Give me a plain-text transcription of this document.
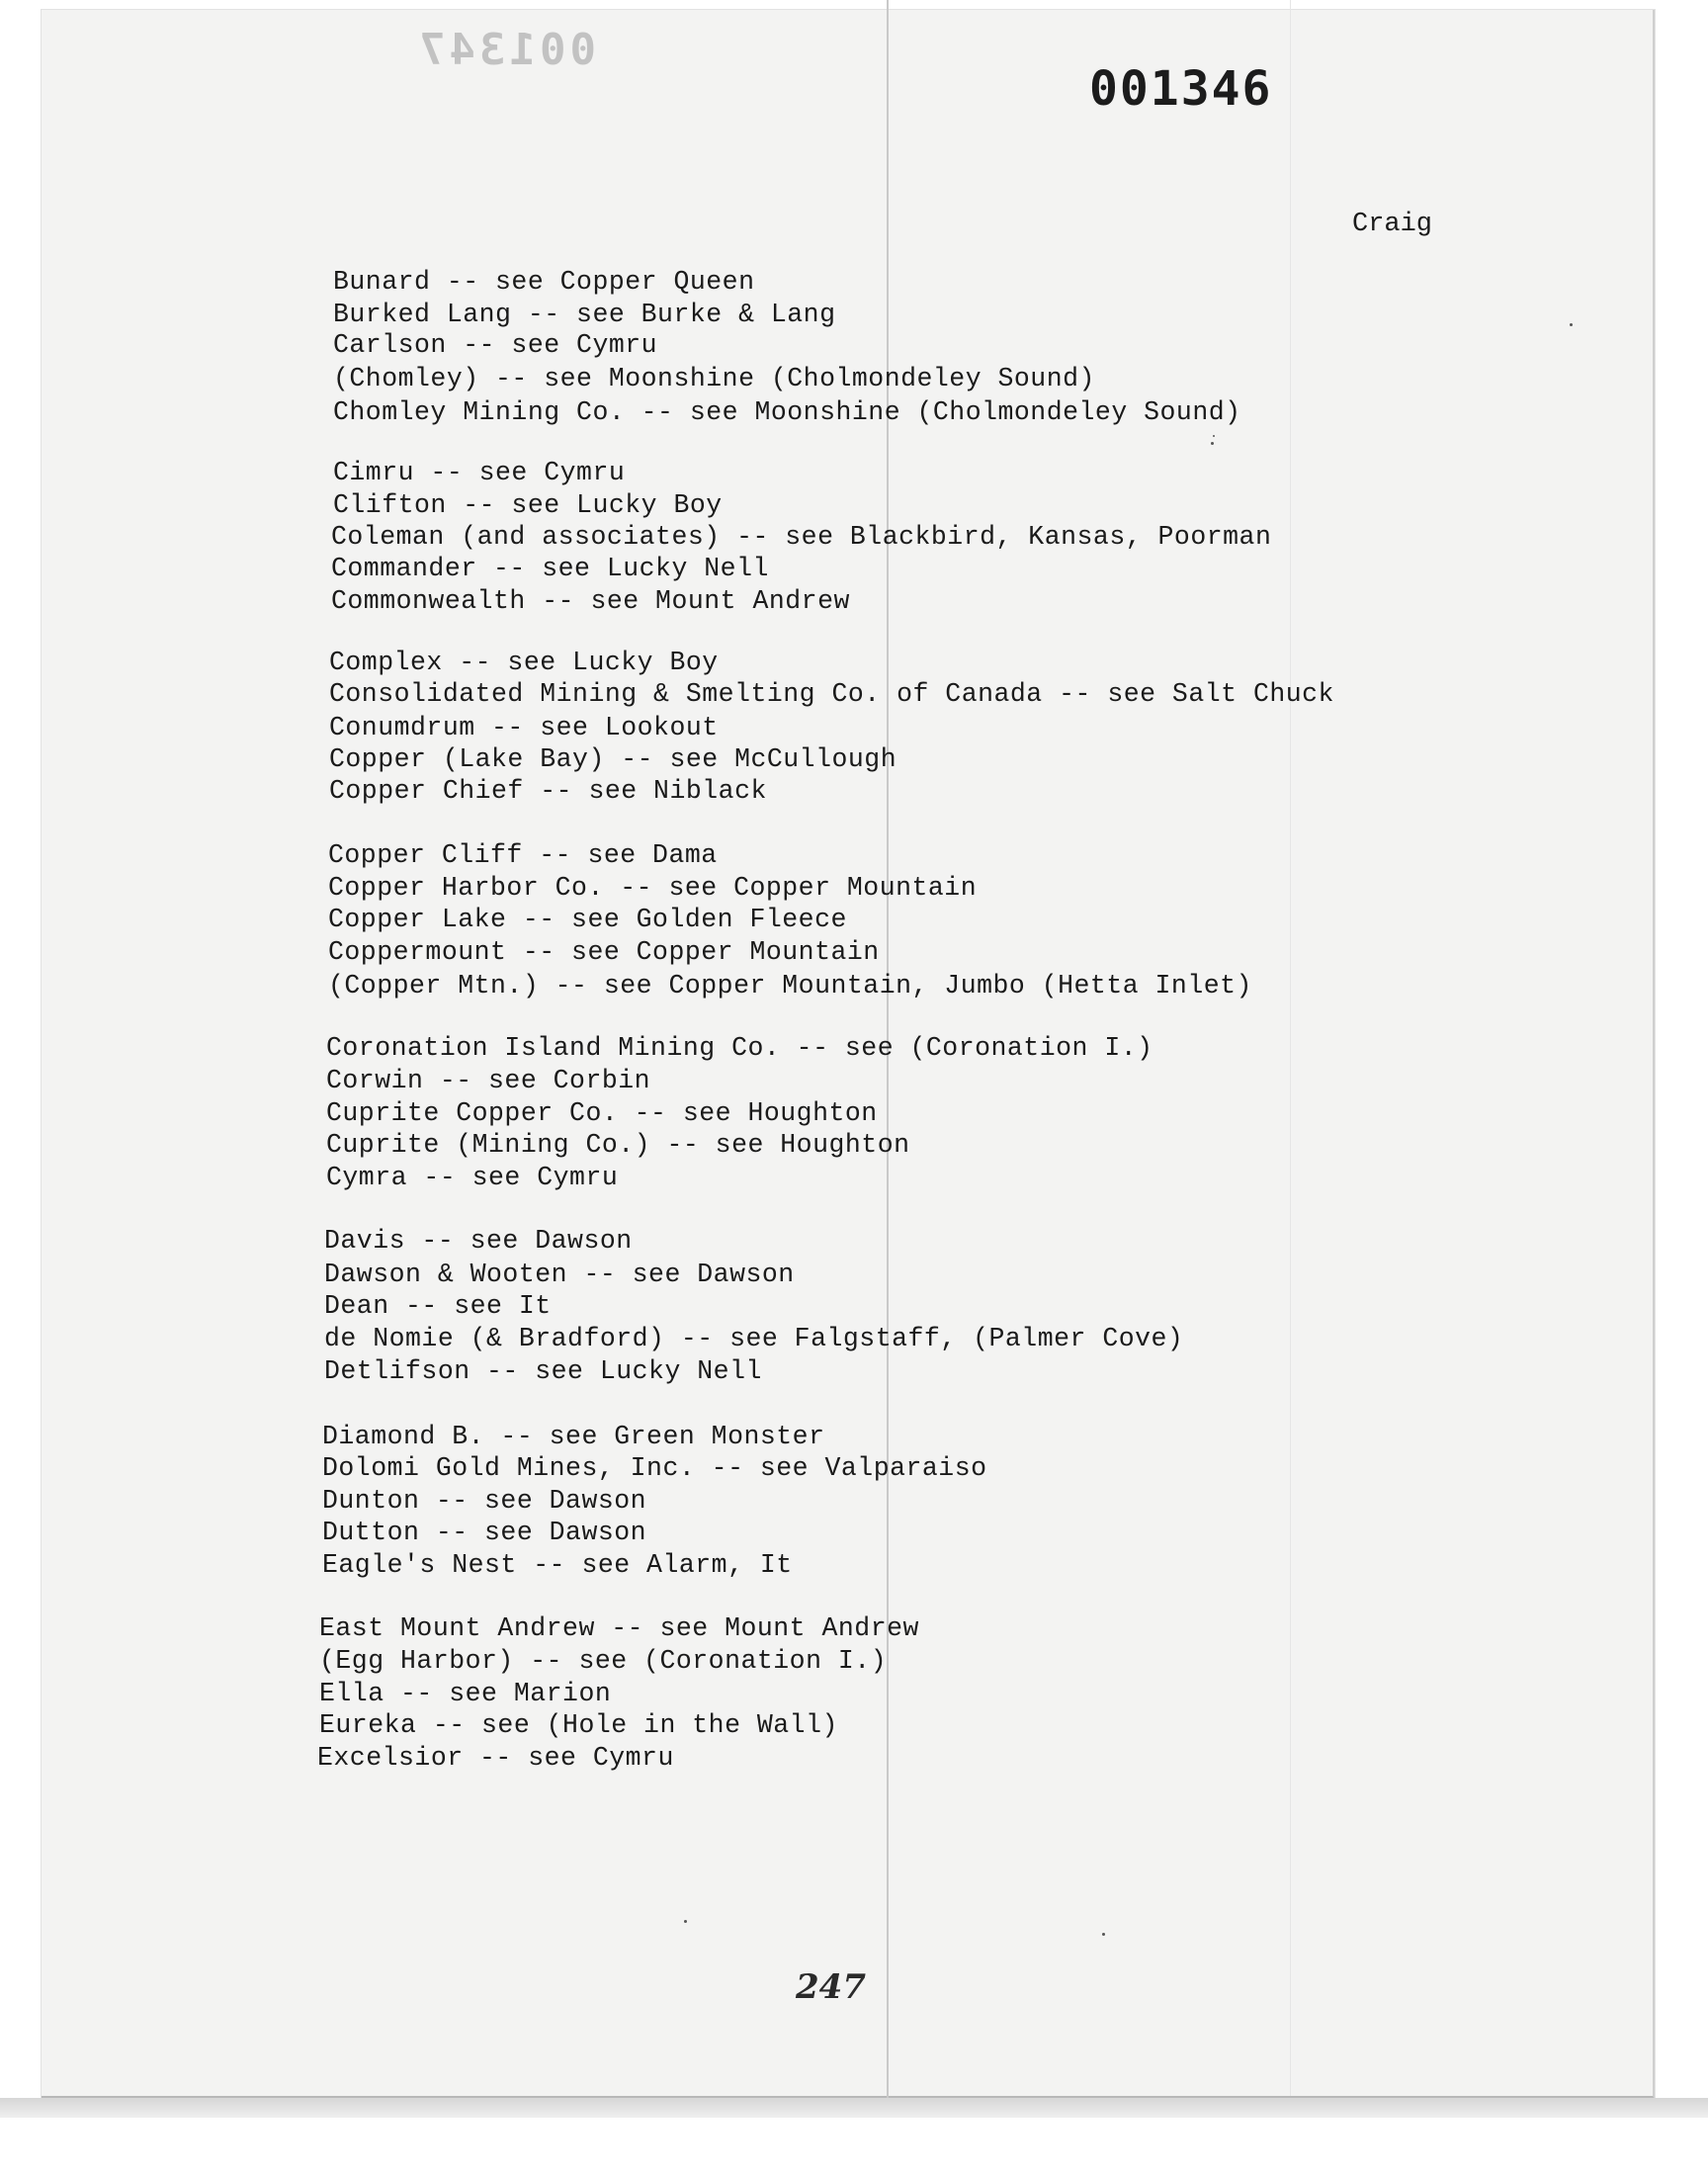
001347
001346
Craig
Bunard -- see Copper Queen
Burked Lang -- see Burke & Lang
Carlson -- see Cymru
(Chomley) -- see Moonshine (Cholmondeley Sound)
Chomley Mining Co. -- see Moonshine (Cholmondeley Sound)
Cimru -- see Cymru
Clifton -- see Lucky Boy
Coleman (and associates) -- see Blackbird, Kansas, Poorman
Commander -- see Lucky Nell
Commonwealth -- see Mount Andrew
Complex -- see Lucky Boy
Consolidated Mining & Smelting Co. of Canada -- see Salt Chuck
Conumdrum -- see Lookout
Copper (Lake Bay) -- see McCullough
Copper Chief -- see Niblack
Copper Cliff -- see Dama
Copper Harbor Co. -- see Copper Mountain
Copper Lake -- see Golden Fleece
Coppermount -- see Copper Mountain
(Copper Mtn.) -- see Copper Mountain, Jumbo (Hetta Inlet)
Coronation Island Mining Co. -- see (Coronation I.)
Corwin -- see Corbin
Cuprite Copper Co. -- see Houghton
Cuprite (Mining Co.) -- see Houghton
Cymra -- see Cymru
Davis -- see Dawson
Dawson & Wooten -- see Dawson
Dean -- see It
de Nomie (& Bradford) -- see Falgstaff, (Palmer Cove)
Detlifson -- see Lucky Nell
Diamond B. -- see Green Monster
Dolomi Gold Mines, Inc. -- see Valparaiso
Dunton -- see Dawson
Dutton -- see Dawson
Eagle's Nest -- see Alarm, It
East Mount Andrew -- see Mount Andrew
(Egg Harbor) -- see (Coronation I.)
Ella -- see Marion
Eureka -- see (Hole in the Wall)
Excelsior -- see Cymru
247
